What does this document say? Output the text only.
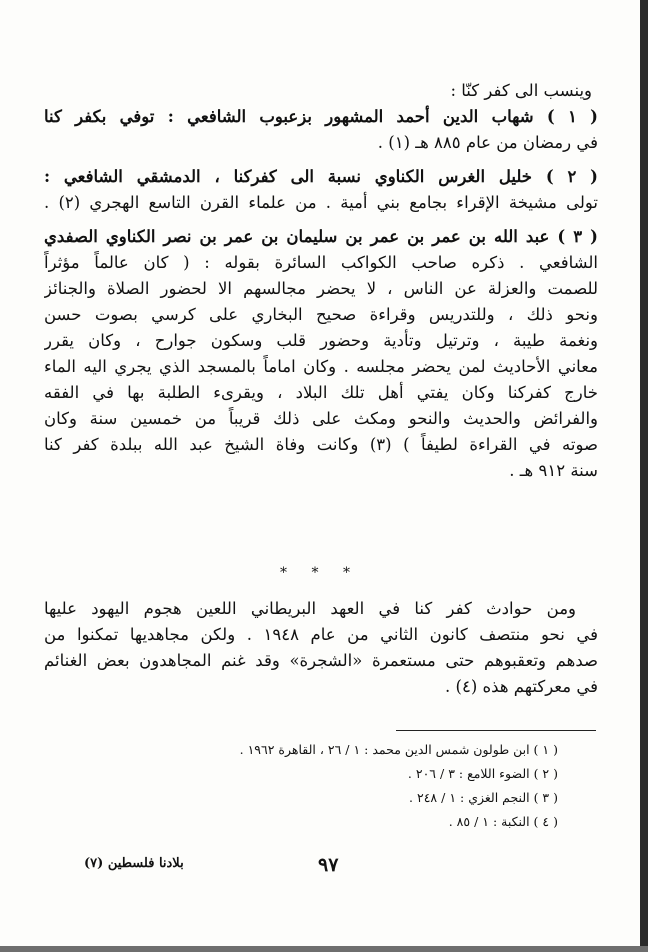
وينسب الى كفر كنّا :
( ١ ) شهاب الدين أحمد المشهور بزعبوب الشافعي : توفي بكفر كنا
في رمضان من عام ٨٨٥ هـ (١) .
( ٢ ) خليل الغرس الكناوي نسبة الى كفركنا ، الدمشقي الشافعي :
تولى مشيخة الإقراء بجامع بني أمية . من علماء القرن التاسع الهجري (٢) .
( ٣ ) عبد الله بن عمر بن عمر بن سليمان بن عمر بن نصر الكناوي الصفدي
الشافعي . ذكره صاحب الكواكب السائرة بقوله : ( كان عالماً مؤثراً
للصمت والعزلة عن الناس ، لا يحضر مجالسهم الا لحضور الصلاة والجنائز
ونحو ذلك ، وللتدريس وقراءة صحيح البخاري على كرسي بصوت حسن
ونغمة طيبة ، وترتيل وتأدية وحضور قلب وسكون جوارح ، وكان يقرر
معاني الأحاديث لمن يحضر مجلسه . وكان اماماً بالمسجد الذي يجري اليه الماء
خارج كفركنا وكان يفتي أهل تلك البلاد ، ويقرىء الطلبة بها في الفقه
والفرائض والحديث والنحو ومكث على ذلك قريباً من خمسين سنة وكان
صوته في القراءة لطيفاً ) (٣) وكانت وفاة الشيخ عبد الله ببلدة كفر كنا
سنة ٩١٢ هـ .
* * *
ومن حوادث كفر كنا في العهد البريطاني اللعين هجوم اليهود عليها
في نحو منتصف كانون الثاني من عام ١٩٤٨ . ولكن مجاهديها تمكنوا من
صدهم وتعقبوهم حتى مستعمرة «الشجرة» وقد غنم المجاهدون بعض الغنائم
في معركتهم هذه (٤) .
( ١ ) ابن طولون شمس الدين محمد : ١ / ٢٦ ، القاهرة ١٩٦٢ .
( ٢ ) الضوء اللامع : ٣ / ٢٠٦ .
( ٣ ) النجم الغزي : ١ / ٢٤٨ .
( ٤ ) النكبة : ١ / ٨٥ .
بلادنا فلسطين (٧)	٩٧
